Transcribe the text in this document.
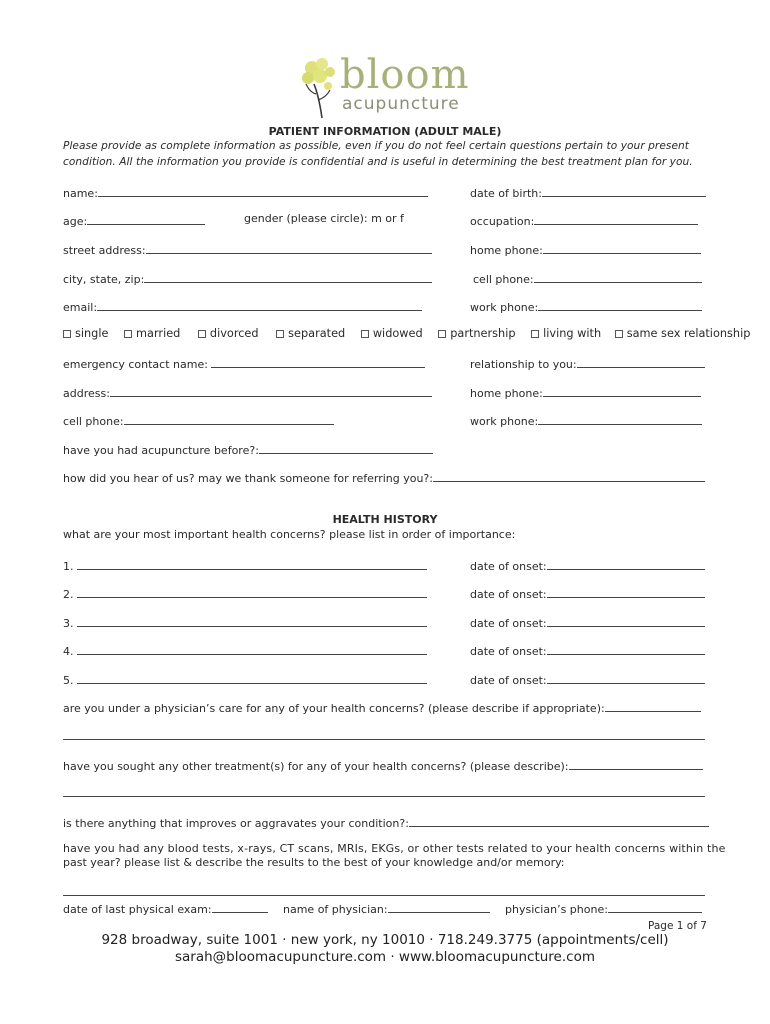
bloom
acupuncture
PATIENT INFORMATION (ADULT MALE)
Please provide as complete information as possible, even if you do not feel certain questions pertain to your present
condition. All the information you provide is confidential and is useful in determining the best treatment plan for you.
name:	date of birth:
age:	gender (please circle): m or f	occupation:
street address:	home phone:
city, state, zip:	cell phone:
email:	work phone:
single married	divorced	separated widowed partnership living with same sex relationship
emergency contact name:	relationship to you:
address:	home phone:
cell phone:	work phone:
have you had acupuncture before?:
how did you hear of us? may we thank someone for referring you?:
HEALTH HISTORY
what are your most important health concerns? please list in order of importance:
1.	date of onset:
2.	date of onset:
3.	date of onset:
4.	date of onset:
5.	date of onset:
are you under a physician’s care for any of your health concerns? (please describe if appropriate):
have you sought any other treatment(s) for any of your health concerns? (please describe):
is there anything that improves or aggravates your condition?:
have you had any blood tests, x-rays, CT scans, MRIs, EKGs, or other tests related to your health concerns within the
past year? please list & describe the results to the best of your knowledge and/or memory:
date of last physical exam:	name of physician:	physician’s phone:
Page 1 of 7
928 broadway, suite 1001 · new york, ny 10010 · 718.249.3775 (appointments/cell)
sarah@bloomacupuncture.com · www.bloomacupuncture.com
